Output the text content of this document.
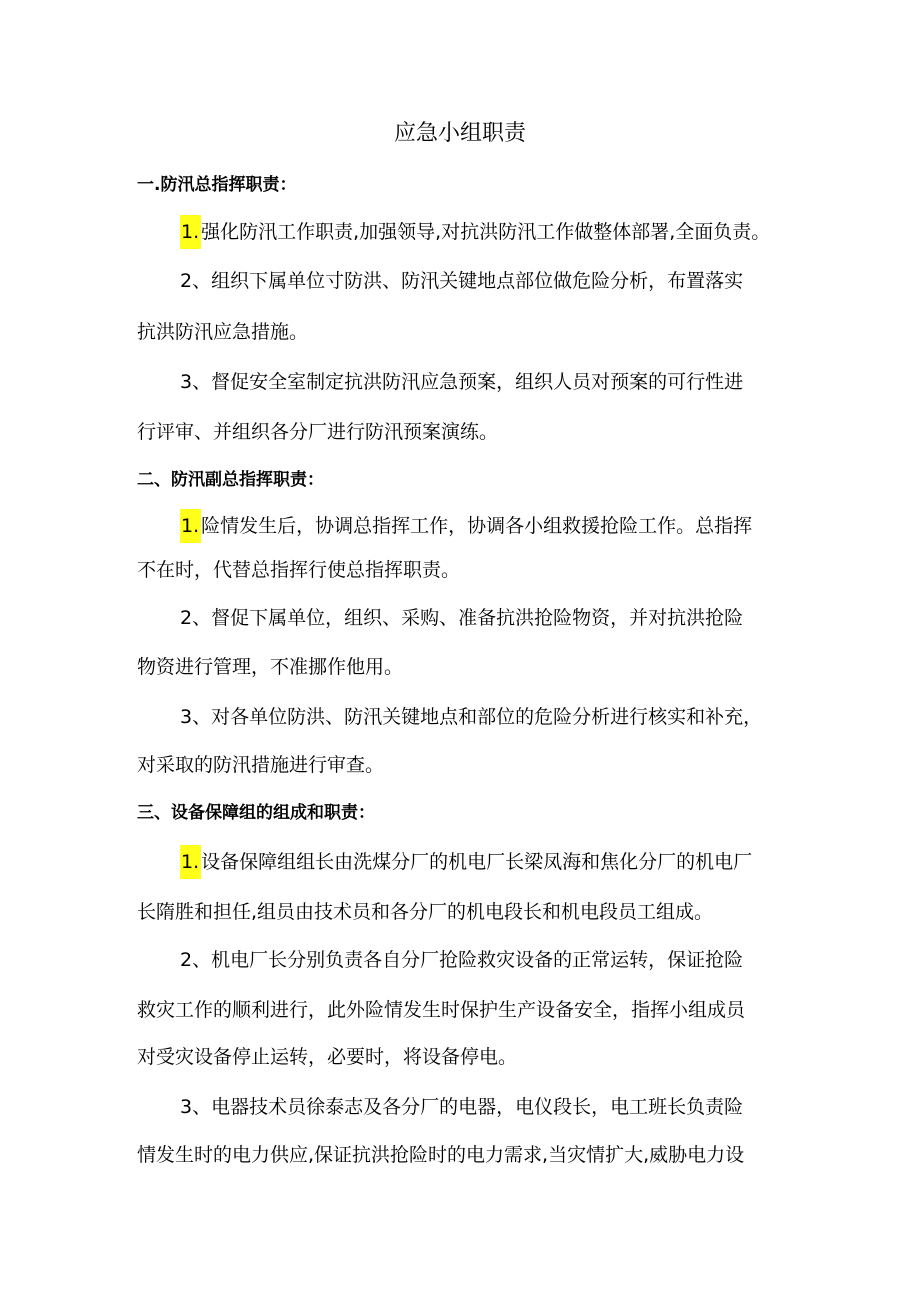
应急小组职责
一.防汛总指挥职责：
1. 强化防汛工作职责,加强领导,对抗洪防汛工作做整体部署,全面负责。
2、组织下属单位寸防洪、防汛关键地点部位做危险分析，布置落实
抗洪防汛应急措施。
3、督促安全室制定抗洪防汛应急预案，组织人员对预案的可行性进
行评审、并组织各分厂进行防汛预案演练。
二、防汛副总指挥职责：
1. 险情发生后，协调总指挥工作，协调各小组救援抢险工作。总指挥
不在时，代替总指挥行使总指挥职责。
2、督促下属单位，组织、采购、准备抗洪抢险物资，并对抗洪抢险
物资进行管理，不准挪作他用。
3、对各单位防洪、防汛关键地点和部位的危险分析进行核实和补充，
对采取的防汛措施进行审查。
三、设备保障组的组成和职责：
1. 设备保障组组长由洗煤分厂的机电厂长梁凤海和焦化分厂的机电厂
长隋胜和担任,组员由技术员和各分厂的机电段长和机电段员工组成。
2、机电厂长分别负责各自分厂抢险救灾设备的正常运转，保证抢险
救灾工作的顺利进行，此外险情发生时保护生产设备安全，指挥小组成员
对受灾设备停止运转，必要时，将设备停电。
3、电器技术员徐泰志及各分厂的电器，电仪段长，电工班长负责险
情发生时的电力供应,保证抗洪抢险时的电力需求,当灾情扩大,威胁电力设
